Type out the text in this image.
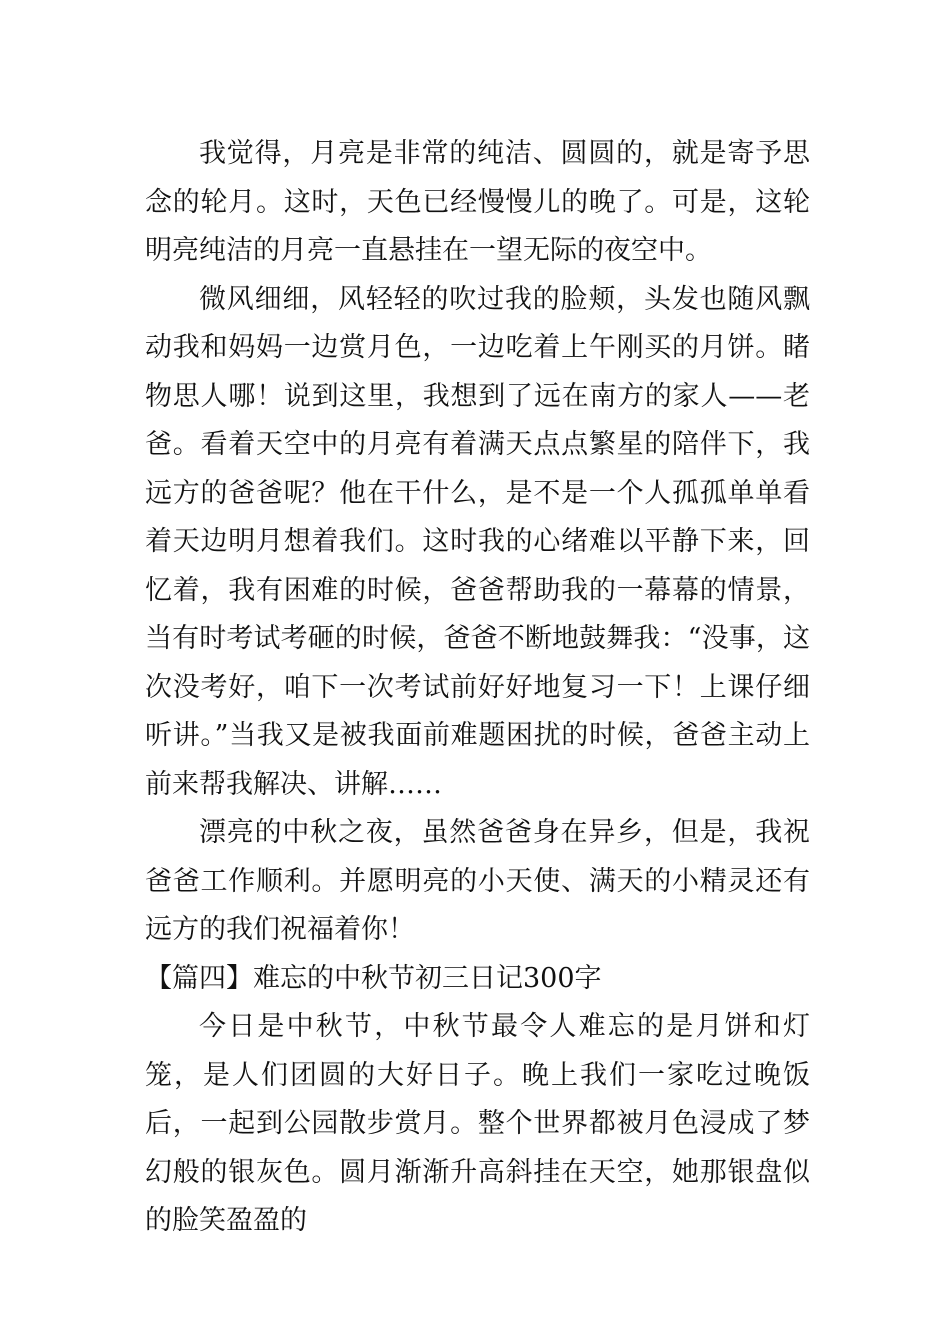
我觉得，月亮是非常的纯洁、圆圆的，就是寄予思念的轮月。这时，天色已经慢慢儿的晚了。可是，这轮明亮纯洁的月亮一直悬挂在一望无际的夜空中。

微风细细，风轻轻的吹过我的脸颊，头发也随风飘动我和妈妈一边赏月色，一边吃着上午刚买的月饼。睹物思人哪！说到这里，我想到了远在南方的家人——老爸。看着天空中的月亮有着满天点点繁星的陪伴下，我远方的爸爸呢？他在干什么，是不是一个人孤孤单单看着天边明月想着我们。这时我的心绪难以平静下来，回忆着，我有困难的时候，爸爸帮助我的一幕幕的情景，当有时考试考砸的时候，爸爸不断地鼓舞我：“没事，这次没考好，咱下一次考试前好好地复习一下！上课仔细听讲。”当我又是被我面前难题困扰的时候，爸爸主动上前来帮我解决、讲解……

漂亮的中秋之夜，虽然爸爸身在异乡，但是，我祝爸爸工作顺利。并愿明亮的小天使、满天的小精灵还有远方的我们祝福着你！

【篇四】难忘的中秋节初三日记300字

今日是中秋节，中秋节最令人难忘的是月饼和灯笼，是人们团圆的大好日子。晚上我们一家吃过晚饭后，一起到公园散步赏月。整个世界都被月色浸成了梦幻般的银灰色。圆月渐渐升高斜挂在天空，她那银盘似的脸笑盈盈的
